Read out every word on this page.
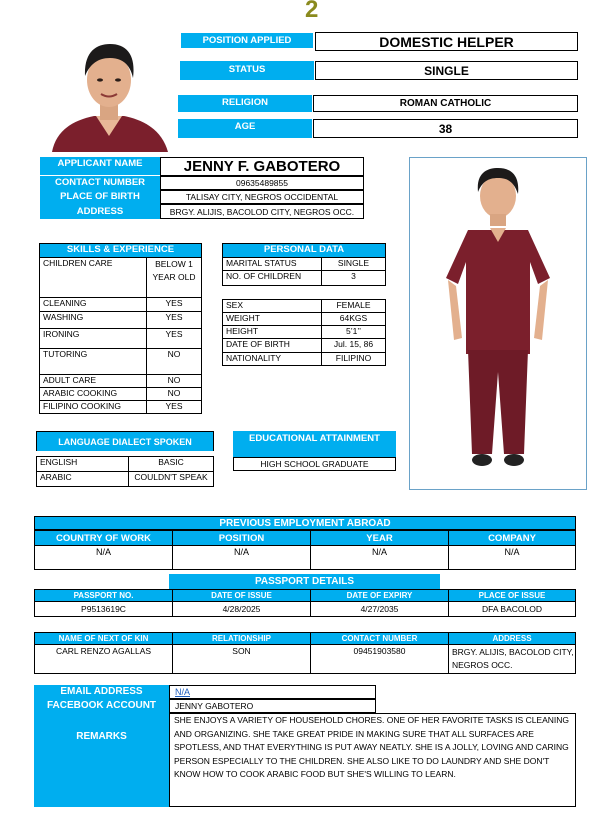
2
POSITION APPLIED	DOMESTIC HELPER
STATUS	SINGLE
RELIGION	ROMAN CATHOLIC
AGE	38
APPLICANT NAME	JENNY F. GABOTERO
CONTACT NUMBER	09635489855
PLACE OF BIRTH	TALISAY CITY, NEGROS OCCIDENTAL
ADDRESS	BRGY. ALIJIS, BACOLOD CITY, NEGROS OCC.
SKILLS & EXPERIENCE	
CHILDREN CARE	BELOW 1 YEAR OLD
CLEANING	YES
WASHING	YES
IRONING	YES
TUTORING	NO
ADULT CARE	NO
ARABIC COOKING	NO
FILIPINO COOKING	YES
PERSONAL DATA	
MARITAL STATUS	SINGLE
NO. OF CHILDREN	3

SEX	FEMALE
WEIGHT	64KGS
HEIGHT	5’1’’
DATE OF BIRTH	Jul. 15, 86
NATIONALITY	FILIPINO
LANGUAGE DIALECT SPOKEN	

ENGLISH	BASIC
ARABIC	COULDN'T SPEAK
EDUCATIONAL ATTAINMENT
HIGH SCHOOL GRADUATE
PREVIOUS EMPLOYMENT ABROAD
COUNTRY OF WORK	POSITION	YEAR	COMPANY
N/A	N/A	N/A	N/A
PASSPORT DETAILS
PASSPORT NO.	DATE OF ISSUE	DATE OF EXPIRY	PLACE OF ISSUE
P9513619C	4/28/2025	4/27/2035	DFA BACOLOD
NAME OF NEXT OF KIN	RELATIONSHIP	CONTACT NUMBER	ADDRESS
CARL RENZO AGALLAS	SON	09451903580	BRGY. ALIJIS, BACOLOD CITY, NEGROS OCC.
EMAIL ADDRESS	N/A
FACEBOOK ACCOUNT	JENNY GABOTERO
REMARKS
SHE ENJOYS A VARIETY OF HOUSEHOLD CHORES. ONE OF HER FAVORITE TASKS IS CLEANING AND ORGANIZING. SHE TAKE GREAT PRIDE IN MAKING SURE THAT ALL SURFACES ARE SPOTLESS, AND THAT EVERYTHING IS PUT AWAY NEATLY. SHE IS A JOLLY, LOVING AND CARING PERSON ESPECIALLY TO THE CHILDREN. SHE ALSO LIKE TO DO LAUNDRY AND SHE DON'T KNOW HOW TO COOK ARABIC FOOD BUT SHE'S WILLING TO LEARN.
